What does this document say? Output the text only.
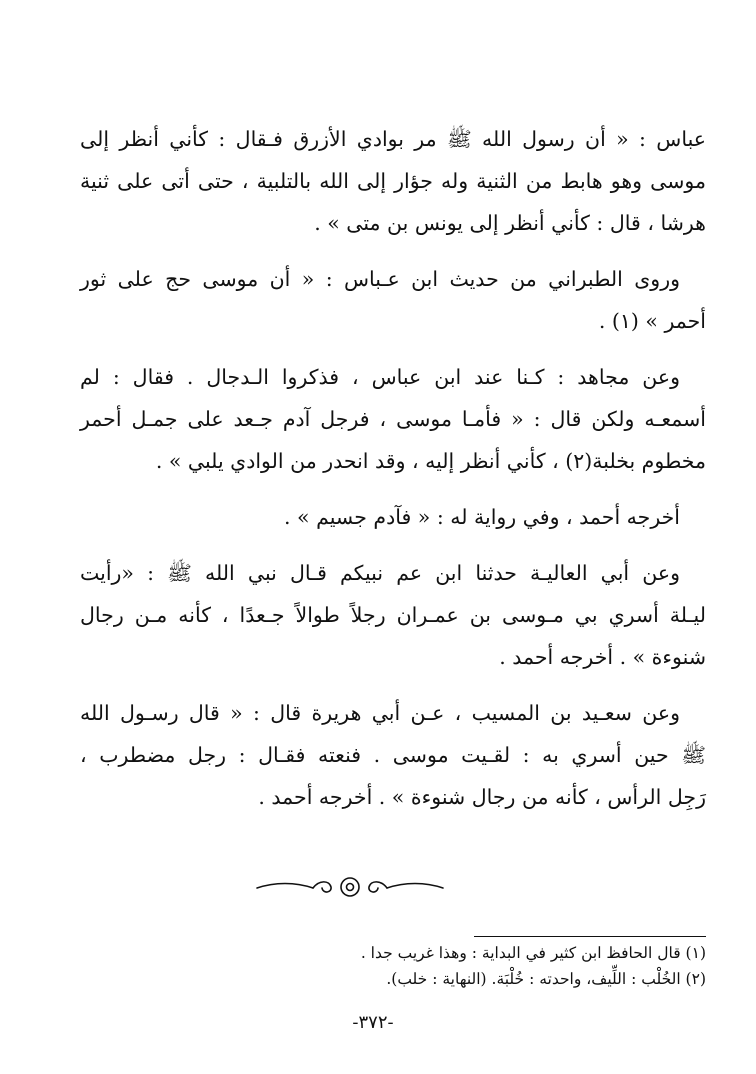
عباس : « أن رسول الله ﷺ مر بوادي الأزرق فـقال : كأني أنظر إلى
موسى وهو هابط من الثنية وله جؤار إلى الله بالتلبية ، حتى أتى على ثنية
هرشا ، قال : كأني أنظر إلى يونس بن متى » .

وروى الطبراني من حديث ابن عـباس : « أن موسى حج على ثور
أحمر » (١) .

وعن مجاهد : كـنا عند ابن عباس ، فذكروا الـدجال . فقال : لم
أسمعـه ولكن قال : « فأمـا موسى ، فرجل آدم جـعد على جمـل أحمر
مخطوم بخلبة(٢) ، كأني أنظر إليه ، وقد انحدر من الوادي يلبي » .

أخرجه أحمد ، وفي رواية له : « فآدم جسيم » .

وعن أبي العاليـة حدثنا ابن عم نبيكم قـال نبي الله ﷺ : «رأيت
ليـلة أسري بي مـوسى بن عمـران رجلاً طوالاً جـعدًا ، كأنه مـن رجال
شنوءة » . أخرجه أحمد .

وعن سعـيد بن المسيب ، عـن أبي هريرة قال : « قال رسـول الله
ﷺ حين أسري به : لقـيت موسى . فنعته فقـال : رجل مضطرب ،
رَجِل الرأس ، كأنه من رجال شنوءة » . أخرجه أحمد .

(١) قال الحافظ ابن كثير في البداية : وهذا غريب جدا .
(٢) الخُلْب : اللِّيف، واحدته : خُلْبَة. (النهاية : خلب).
-٣٧٢-
